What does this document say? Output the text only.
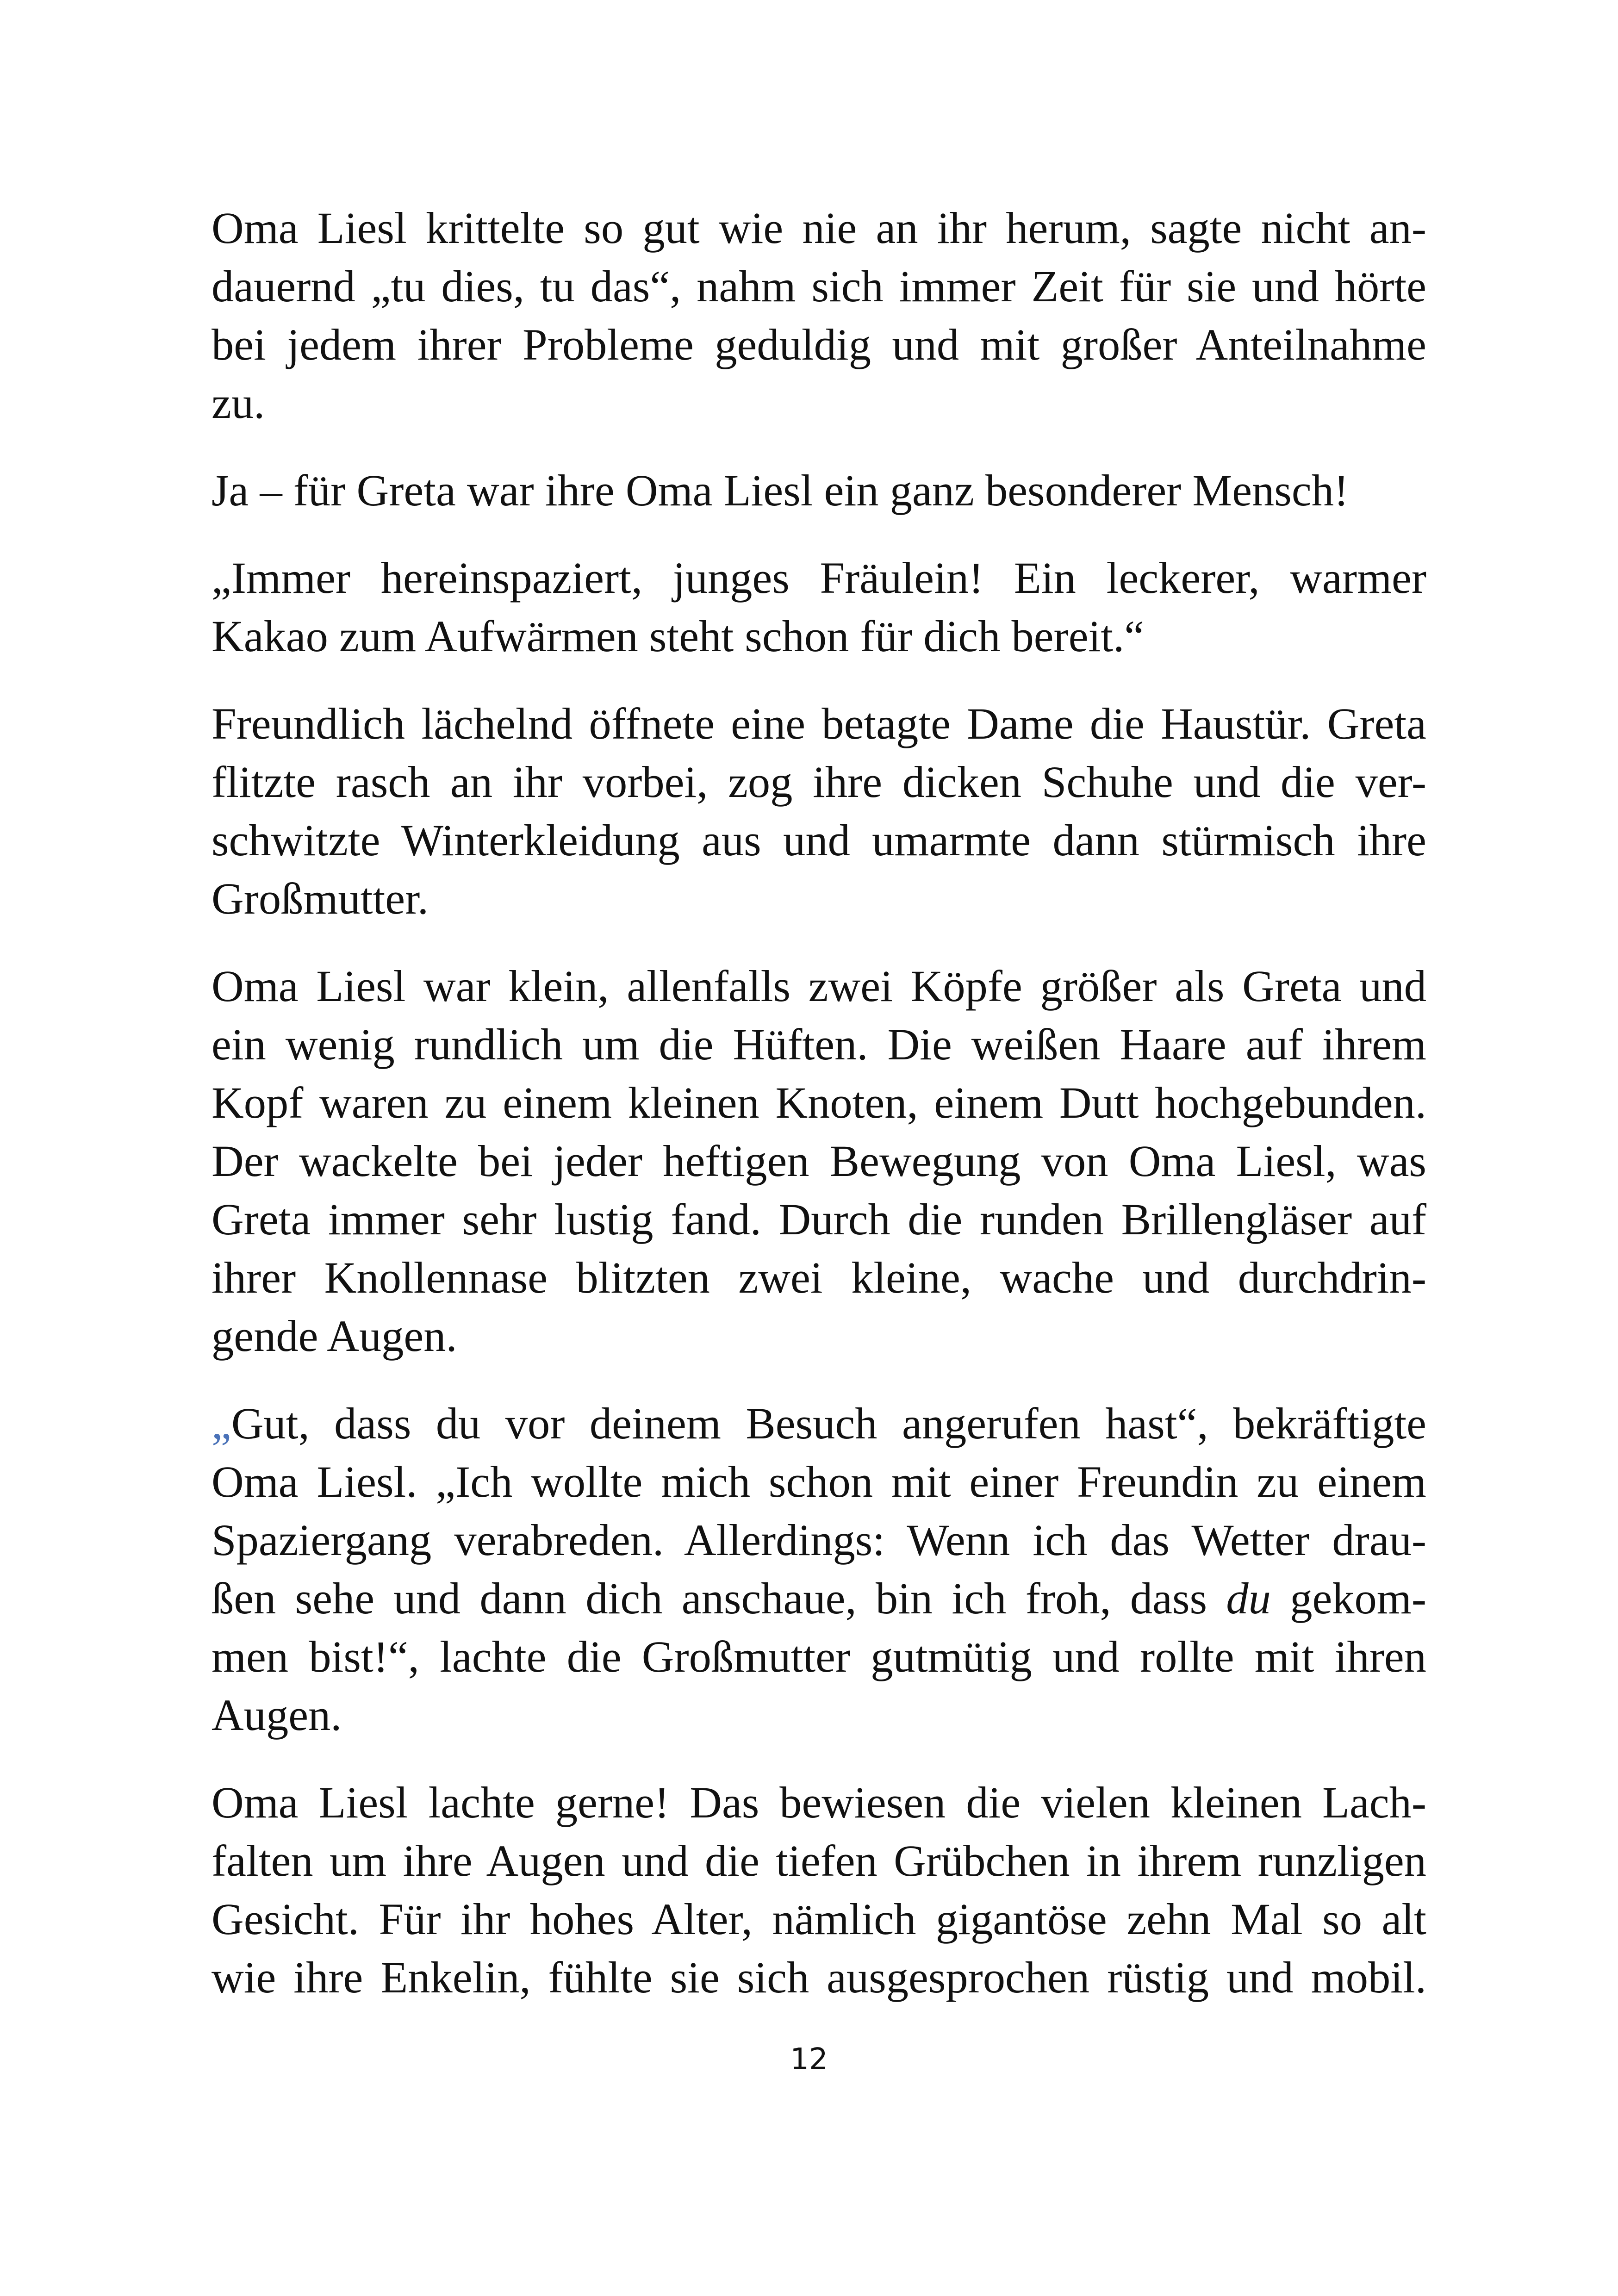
Oma Liesl krittelte so gut wie nie an ihr herum, sagte nicht an-
dauernd „tu dies, tu das“, nahm sich immer Zeit für sie und hörte
bei jedem ihrer Probleme geduldig und mit großer Anteilnahme
zu.

Ja – für Greta war ihre Oma Liesl ein ganz besonderer Mensch!

„Immer hereinspaziert, junges Fräulein! Ein leckerer, warmer
Kakao zum Aufwärmen steht schon für dich bereit.“

Freundlich lächelnd öffnete eine betagte Dame die Haustür. Greta
flitzte rasch an ihr vorbei, zog ihre dicken Schuhe und die ver-
schwitzte Winterkleidung aus und umarmte dann stürmisch ihre
Großmutter.

Oma Liesl war klein, allenfalls zwei Köpfe größer als Greta und
ein wenig rundlich um die Hüften. Die weißen Haare auf ihrem
Kopf waren zu einem kleinen Knoten, einem Dutt hochgebunden.
Der wackelte bei jeder heftigen Bewegung von Oma Liesl, was
Greta immer sehr lustig fand. Durch die runden Brillengläser auf
ihrer Knollennase blitzten zwei kleine, wache und durchdrin-
gende Augen.

„Gut, dass du vor deinem Besuch angerufen hast“, bekräftigte
Oma Liesl. „Ich wollte mich schon mit einer Freundin zu einem
Spaziergang verabreden. Allerdings: Wenn ich das Wetter drau-
ßen sehe und dann dich anschaue, bin ich froh, dass du gekom-
men bist!“, lachte die Großmutter gutmütig und rollte mit ihren
Augen.

Oma Liesl lachte gerne! Das bewiesen die vielen kleinen Lach-
falten um ihre Augen und die tiefen Grübchen in ihrem runzligen
Gesicht. Für ihr hohes Alter, nämlich gigantöse zehn Mal so alt
wie ihre Enkelin, fühlte sie sich ausgesprochen rüstig und mobil.

12
